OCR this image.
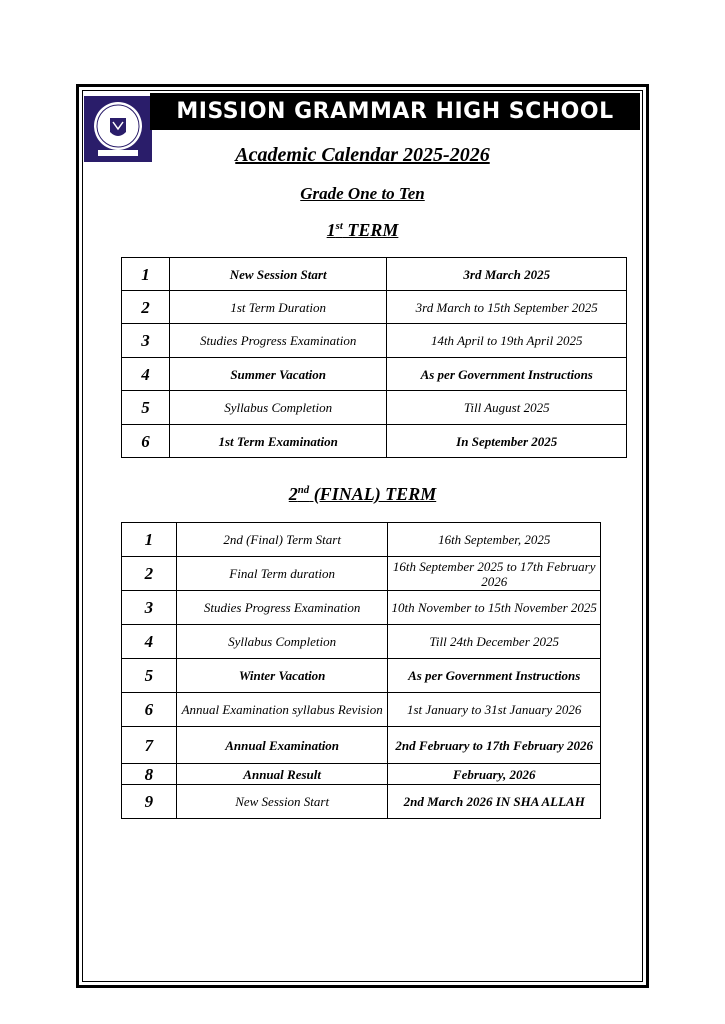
MISSION GRAMMAR HIGH SCHOOL
Academic Calendar 2025-2026
Grade One to Ten
1st TERM
2nd (FINAL) TERM
1	New Session Start	3rd March 2025
2	1st Term Duration	3rd March to 15th September 2025
3	Studies Progress Examination	14th April to 19th April 2025
4	Summer Vacation	As per Government Instructions
5	Syllabus Completion	Till August 2025
6	1st Term Examination	In September 2025
1	2nd (Final) Term Start	16th September, 2025
2	Final Term duration	16th September 2025 to 17th February 2026
3	Studies Progress Examination	10th November to 15th November 2025
4	Syllabus Completion	Till 24th December 2025
5	Winter Vacation	As per Government Instructions
6	Annual Examination syllabus Revision	1st January to 31st January 2026
7	Annual Examination	2nd February to 17th February 2026
8	Annual Result	February, 2026
9	New Session Start	2nd March 2026 IN SHA ALLAH
